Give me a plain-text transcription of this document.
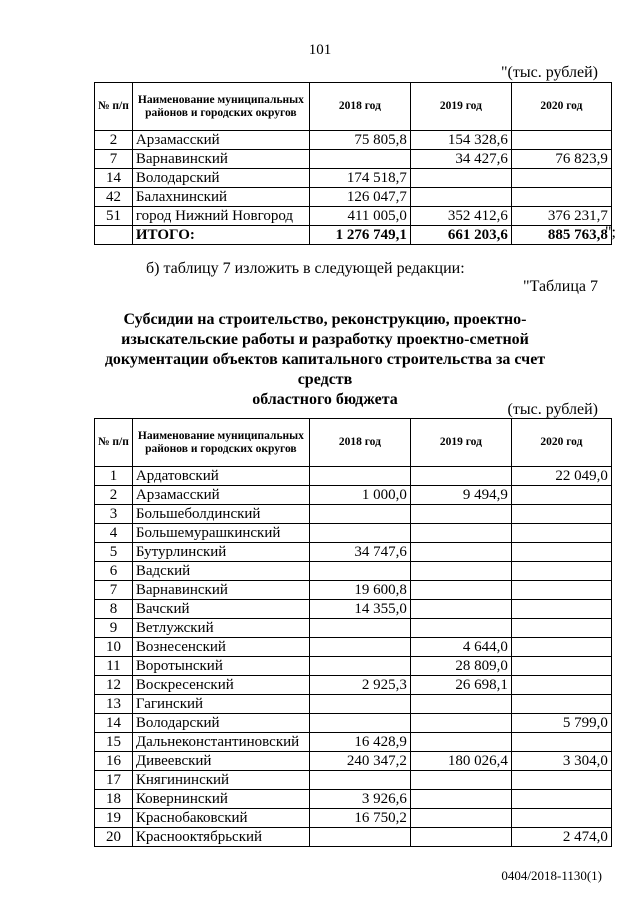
101
"(тыс. рублей)
№ п/п	Наименование муниципальных районов и городских округов	2018 год	2019 год	2020 год
2	Арзамасский	75 805,8	154 328,6	
7	Варнавинский		34 427,6	76 823,9
14	Володарский	174 518,7		
42	Балахнинский	126 047,7		
51	город Нижний Новгород	411 005,0	352 412,6	376 231,7
	ИТОГО:	1 276 749,1	661 203,6	885 763,8
";
б) таблицу 7 изложить в следующей редакции:
"Таблица 7
Субсидии на строительство, реконструкцию, проектно-
изыскательские работы и разработку проектно-сметной
документации объектов капитального строительства за счет средств
областного бюджета
(тыс. рублей)
№ п/п	Наименование муниципальных районов и городских округов	2018 год	2019 год	2020 год
1	Ардатовский			22 049,0
2	Арзамасский	1 000,0	9 494,9	
3	Большеболдинский			
4	Большемурашкинский			
5	Бутурлинский	34 747,6		
6	Вадский			
7	Варнавинский	19 600,8		
8	Вачский	14 355,0		
9	Ветлужский			
10	Вознесенский		4 644,0	
11	Воротынский		28 809,0	
12	Воскресенский	2 925,3	26 698,1	
13	Гагинский			
14	Володарский			5 799,0
15	Дальнеконстантиновский	16 428,9		
16	Дивеевский	240 347,2	180 026,4	3 304,0
17	Княгининский			
18	Ковернинский	3 926,6		
19	Краснобаковский	16 750,2		
20	Краснооктябрьский			2 474,0
0404/2018-1130(1)
